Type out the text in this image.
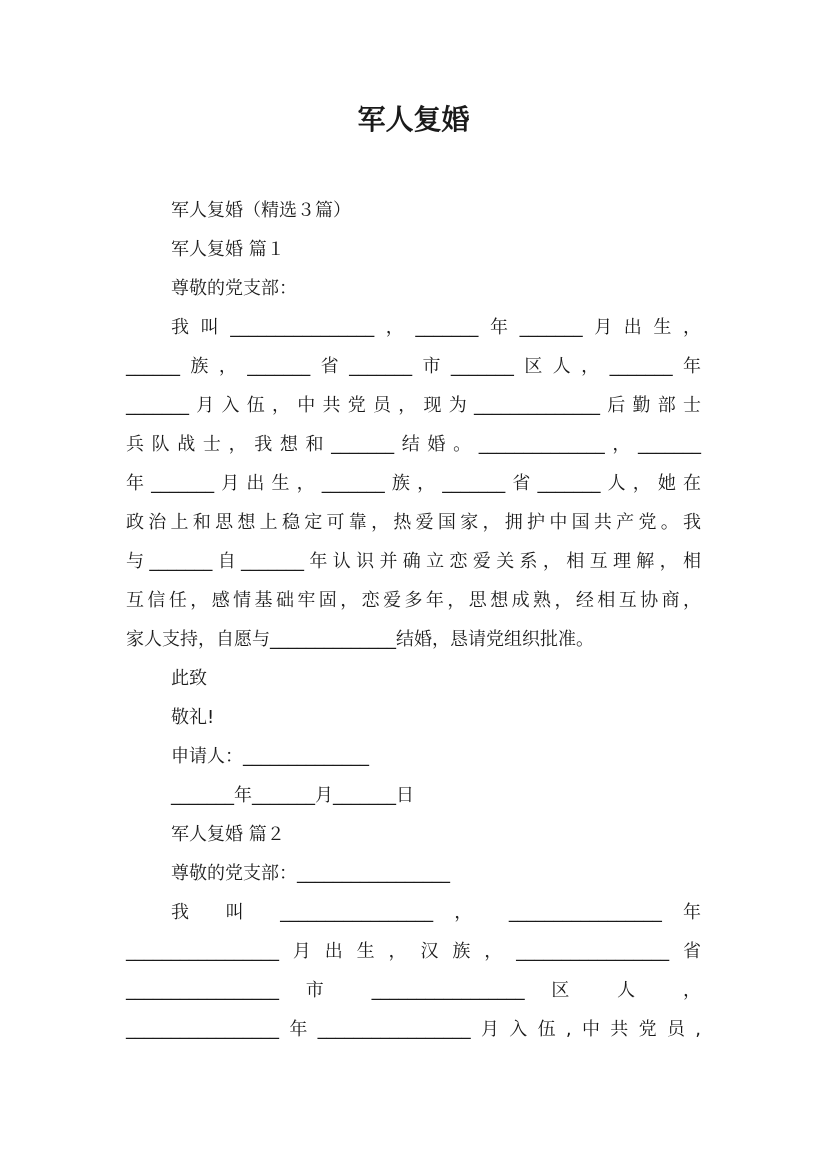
军人复婚
军人复婚（精选３篇）
军人复婚 篇１
尊敬的党支部：
我叫________________，_______年_______月出生，
______族，_______省_______市_______区人，_______年
_______月入伍，中共党员，现为______________后勤部士
兵队战士，我想和_______结婚。______________，_______
年_______月出生，_______族，_______省_______人，她在
政治上和思想上稳定可靠，热爱国家，拥护中国共产党。我
与_______自_______年认识并确立恋爱关系，相互理解，相
互信任，感情基础牢固，恋爱多年，思想成熟，经相互协商，
家人支持，自愿与______________结婚，恳请党组织批准。
此致
敬礼!
申请人：______________
_______年_______月_______日
军人复婚 篇２
尊敬的党支部：_________________
我 叫 _________________ ， _________________ 年
_________________月出生，汉族，_________________省
_________________ 市 _________________ 区 人 ，
_________________年_________________月入伍,中共党员,
